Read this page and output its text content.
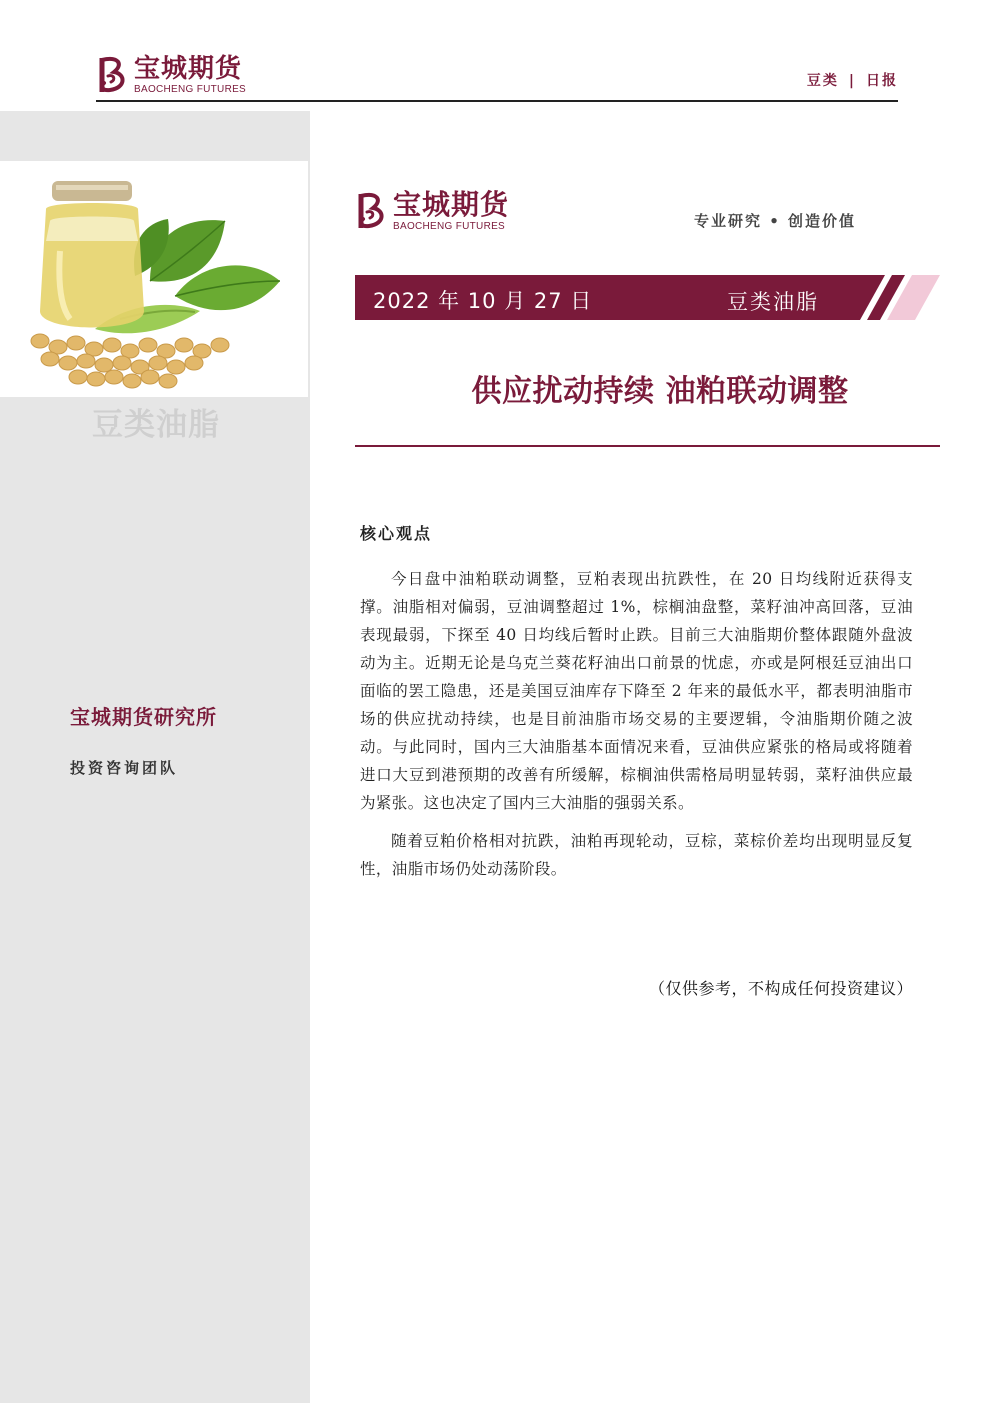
宝城期货
BAOCHENG FUTURES	豆类 | 日报
豆类油脂
宝城期货研究所
投资咨询团队
宝城期货
BAOCHENG FUTURES	专业研究 • 创造价值
2022 年 10 月 27 日	豆类油脂
供应扰动持续 油粕联动调整
核心观点

今日盘中油粕联动调整，豆粕表现出抗跌性，在 20 日均线附近获得支撑。油脂相对偏弱，豆油调整超过 1%，棕榈油盘整，菜籽油冲高回落，豆油表现最弱，下探至 40 日均线后暂时止跌。目前三大油脂期价整体跟随外盘波动为主。近期无论是乌克兰葵花籽油出口前景的忧虑，亦或是阿根廷豆油出口面临的罢工隐患，还是美国豆油库存下降至 2 年来的最低水平，都表明油脂市场的供应扰动持续，也是目前油脂市场交易的主要逻辑，令油脂期价随之波动。与此同时，国内三大油脂基本面情况来看，豆油供应紧张的格局或将随着进口大豆到港预期的改善有所缓解，棕榈油供需格局明显转弱，菜籽油供应最为紧张。这也决定了国内三大油脂的强弱关系。

随着豆粕价格相对抗跌，油粕再现轮动，豆棕，菜棕价差均出现明显反复性，油脂市场仍处动荡阶段。

（仅供参考，不构成任何投资建议）
